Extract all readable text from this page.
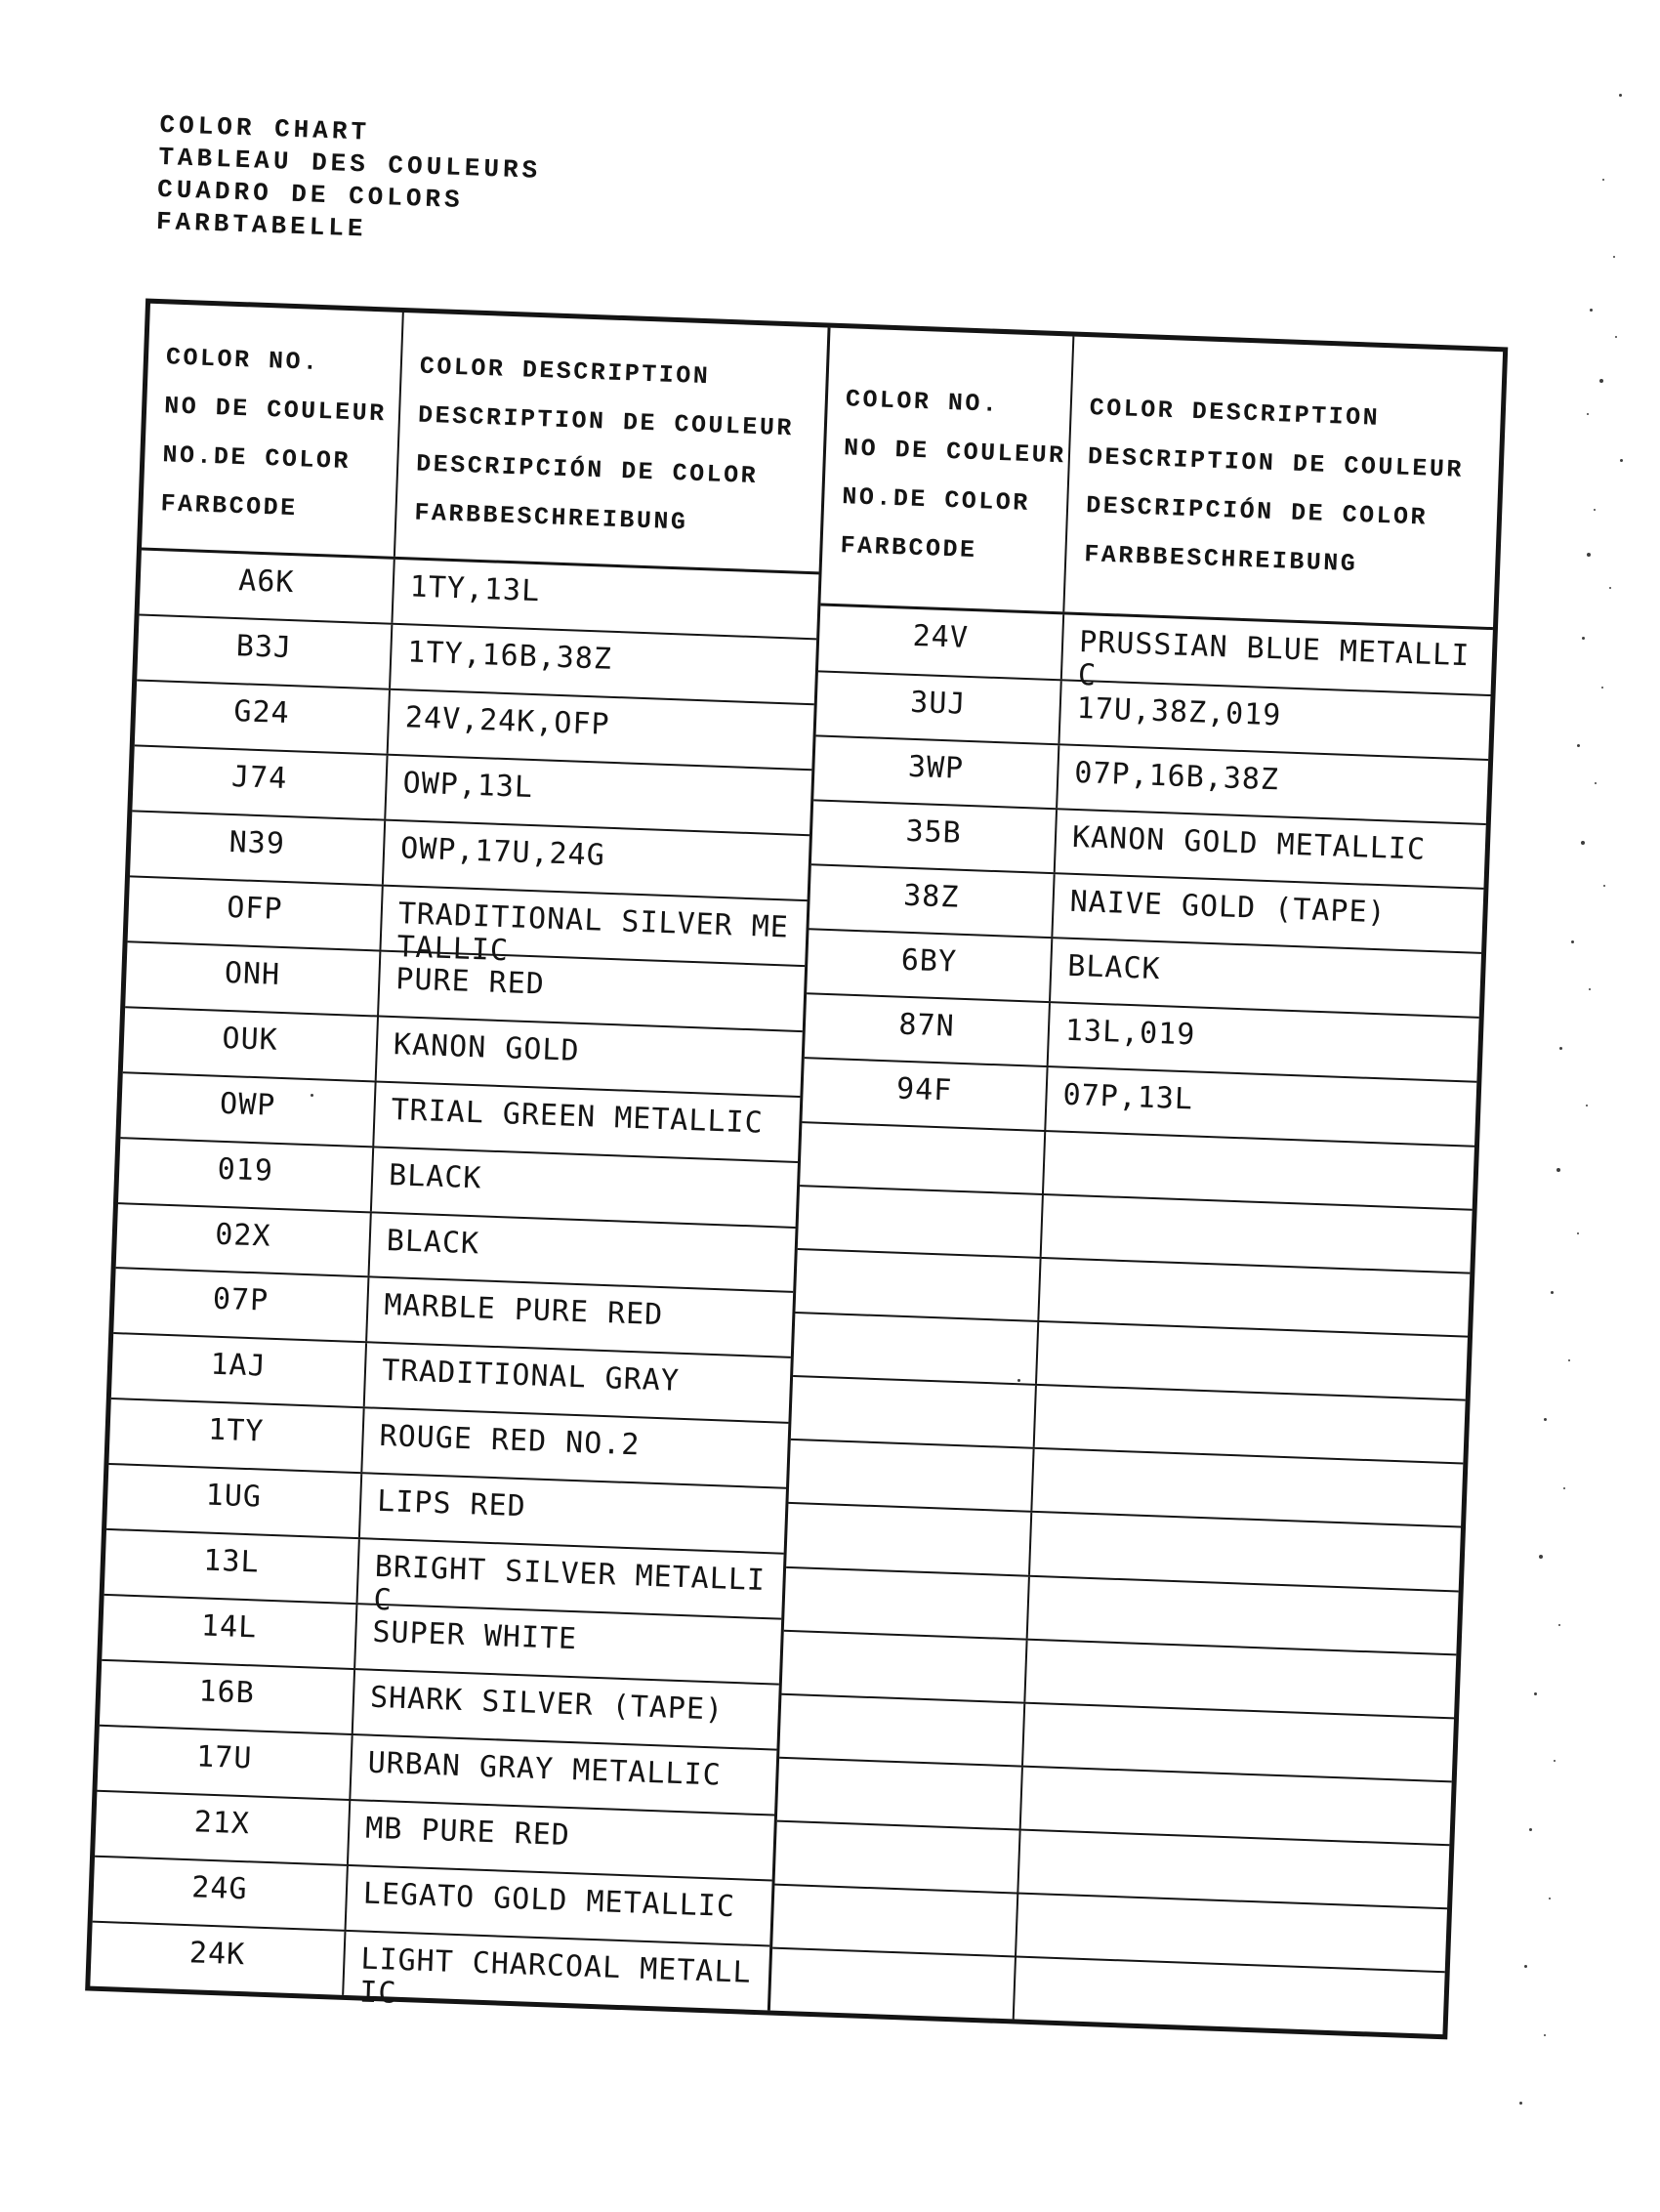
COLOR CHART
TABLEAU DES COULEURS
CUADRO DE COLORS
FARBTABELLE
COLOR NO.
NO DE COULEUR
NO.DE COLOR
FARBCODE
COLOR DESCRIPTION
DESCRIPTION DE COULEUR
DESCRIPCIÓN DE COLOR
FARBBESCHREIBUNG
A6K	1TY,13L
B3J	1TY,16B,38Z
G24	24V,24K,OFP
J74	OWP,13L
N39	OWP,17U,24G
OFP	TRADITIONAL SILVER METALLIC
ONH	PURE RED
OUK	KANON GOLD
OWP	TRIAL GREEN METALLIC
019	BLACK
02X	BLACK
07P	MARBLE PURE RED
1AJ	TRADITIONAL GRAY
1TY	ROUGE RED NO.2
1UG	LIPS RED
13L	BRIGHT SILVER METALLIC
14L	SUPER WHITE
16B	SHARK SILVER (TAPE)
17U	URBAN GRAY METALLIC
21X	MB PURE RED
24G	LEGATO GOLD METALLIC
24K	LIGHT CHARCOAL METALLIC
COLOR NO.
NO DE COULEUR
NO.DE COLOR
FARBCODE
COLOR DESCRIPTION
DESCRIPTION DE COULEUR
DESCRIPCIÓN DE COLOR
FARBBESCHREIBUNG
24V	PRUSSIAN BLUE METALLIC
3UJ	17U,38Z,019
3WP	07P,16B,38Z
35B	KANON GOLD METALLIC
38Z	NAIVE GOLD (TAPE)
6BY	BLACK
87N	13L,019
94F	07P,13L
